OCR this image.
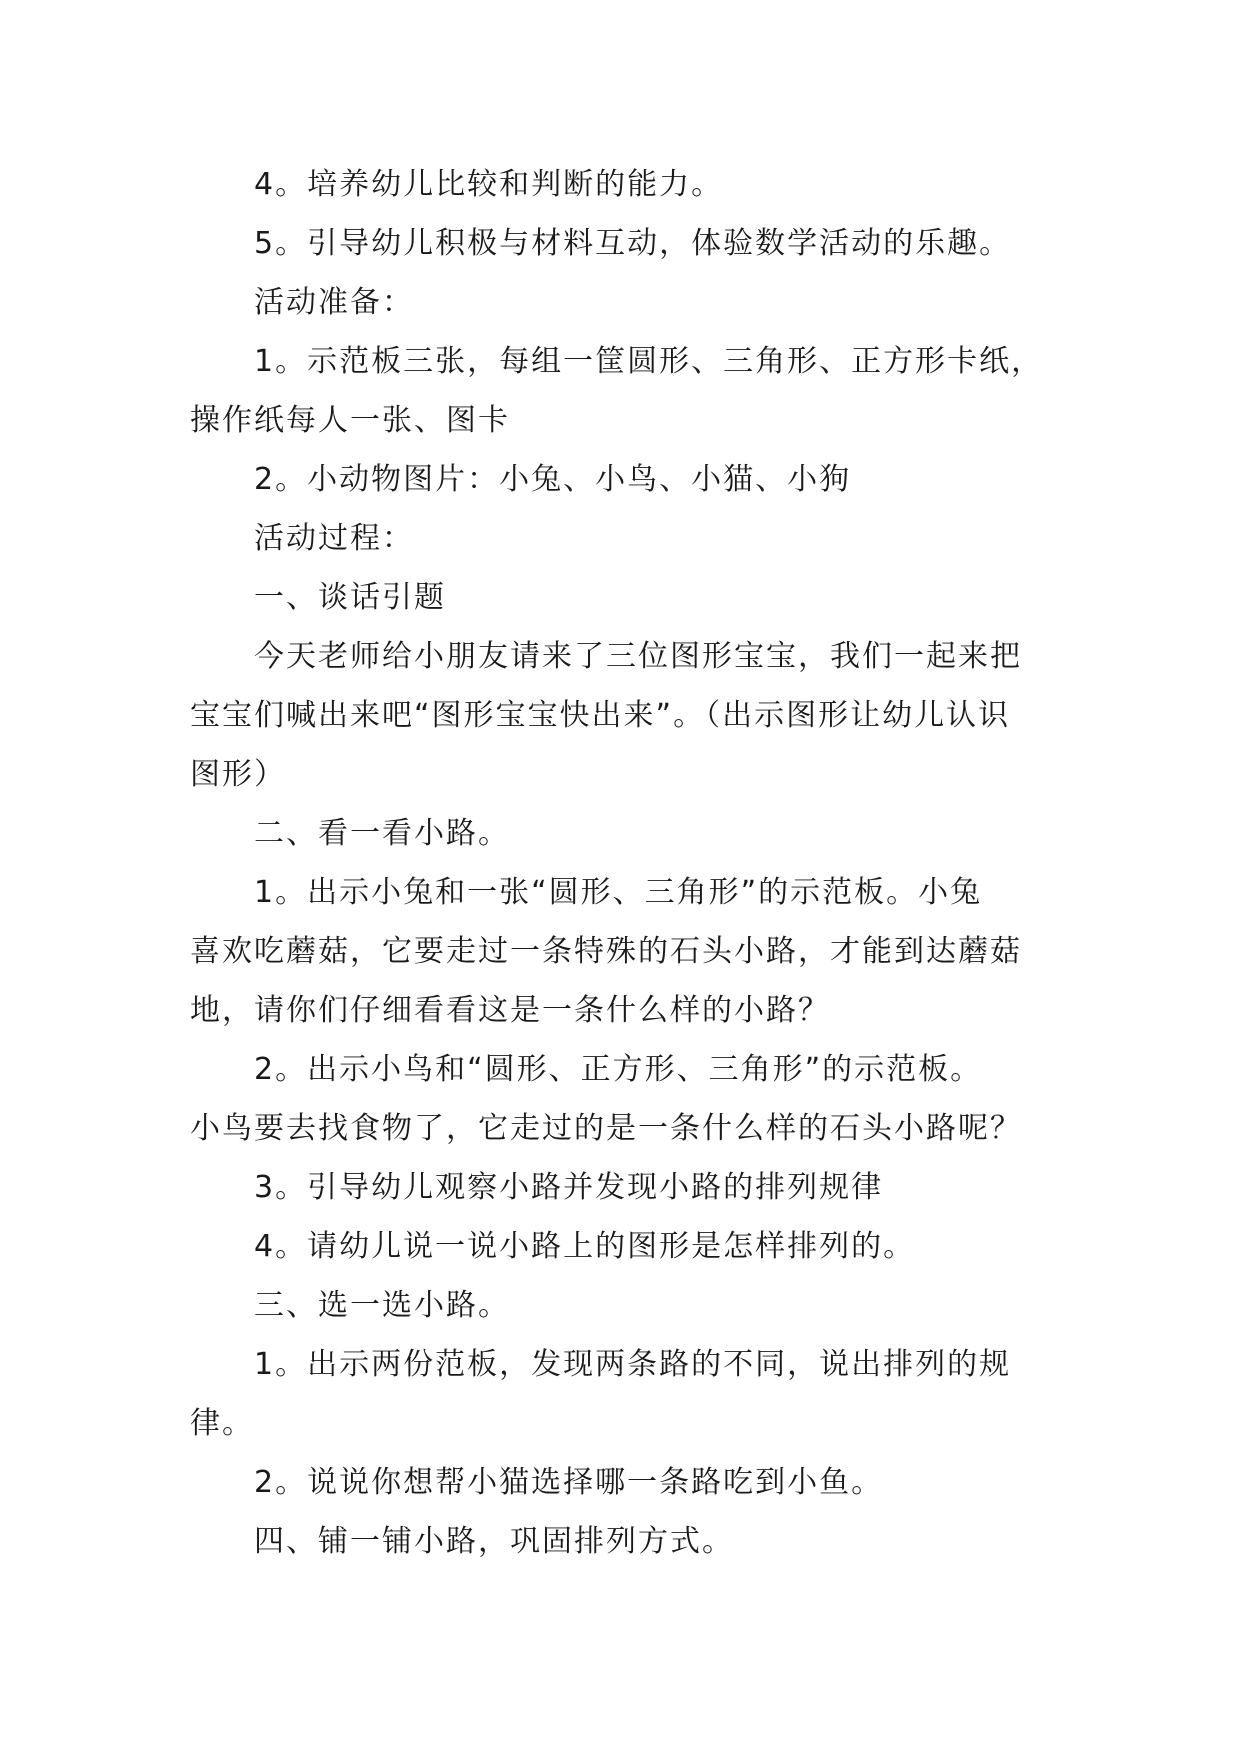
4。培养幼儿比较和判断的能力。
5。引导幼儿积极与材料互动，体验数学活动的乐趣。
活动准备：
1。示范板三张，每组一筐圆形、三角形、正方形卡纸，
操作纸每人一张、图卡
2。小动物图片：小兔、小鸟、小猫、小狗
活动过程：
一、谈话引题
今天老师给小朋友请来了三位图形宝宝，我们一起来把
宝宝们喊出来吧“图形宝宝快出来”。（出示图形让幼儿认识
图形）
二、看一看小路。
1。出示小兔和一张“圆形、三角形”的示范板。小兔
喜欢吃蘑菇，它要走过一条特殊的石头小路，才能到达蘑菇
地，请你们仔细看看这是一条什么样的小路？
2。出示小鸟和“圆形、正方形、三角形”的示范板。
小鸟要去找食物了，它走过的是一条什么样的石头小路呢？
3。引导幼儿观察小路并发现小路的排列规律
4。请幼儿说一说小路上的图形是怎样排列的。
三、选一选小路。
1。出示两份范板，发现两条路的不同，说出排列的规
律。
2。说说你想帮小猫选择哪一条路吃到小鱼。
四、铺一铺小路，巩固排列方式。
